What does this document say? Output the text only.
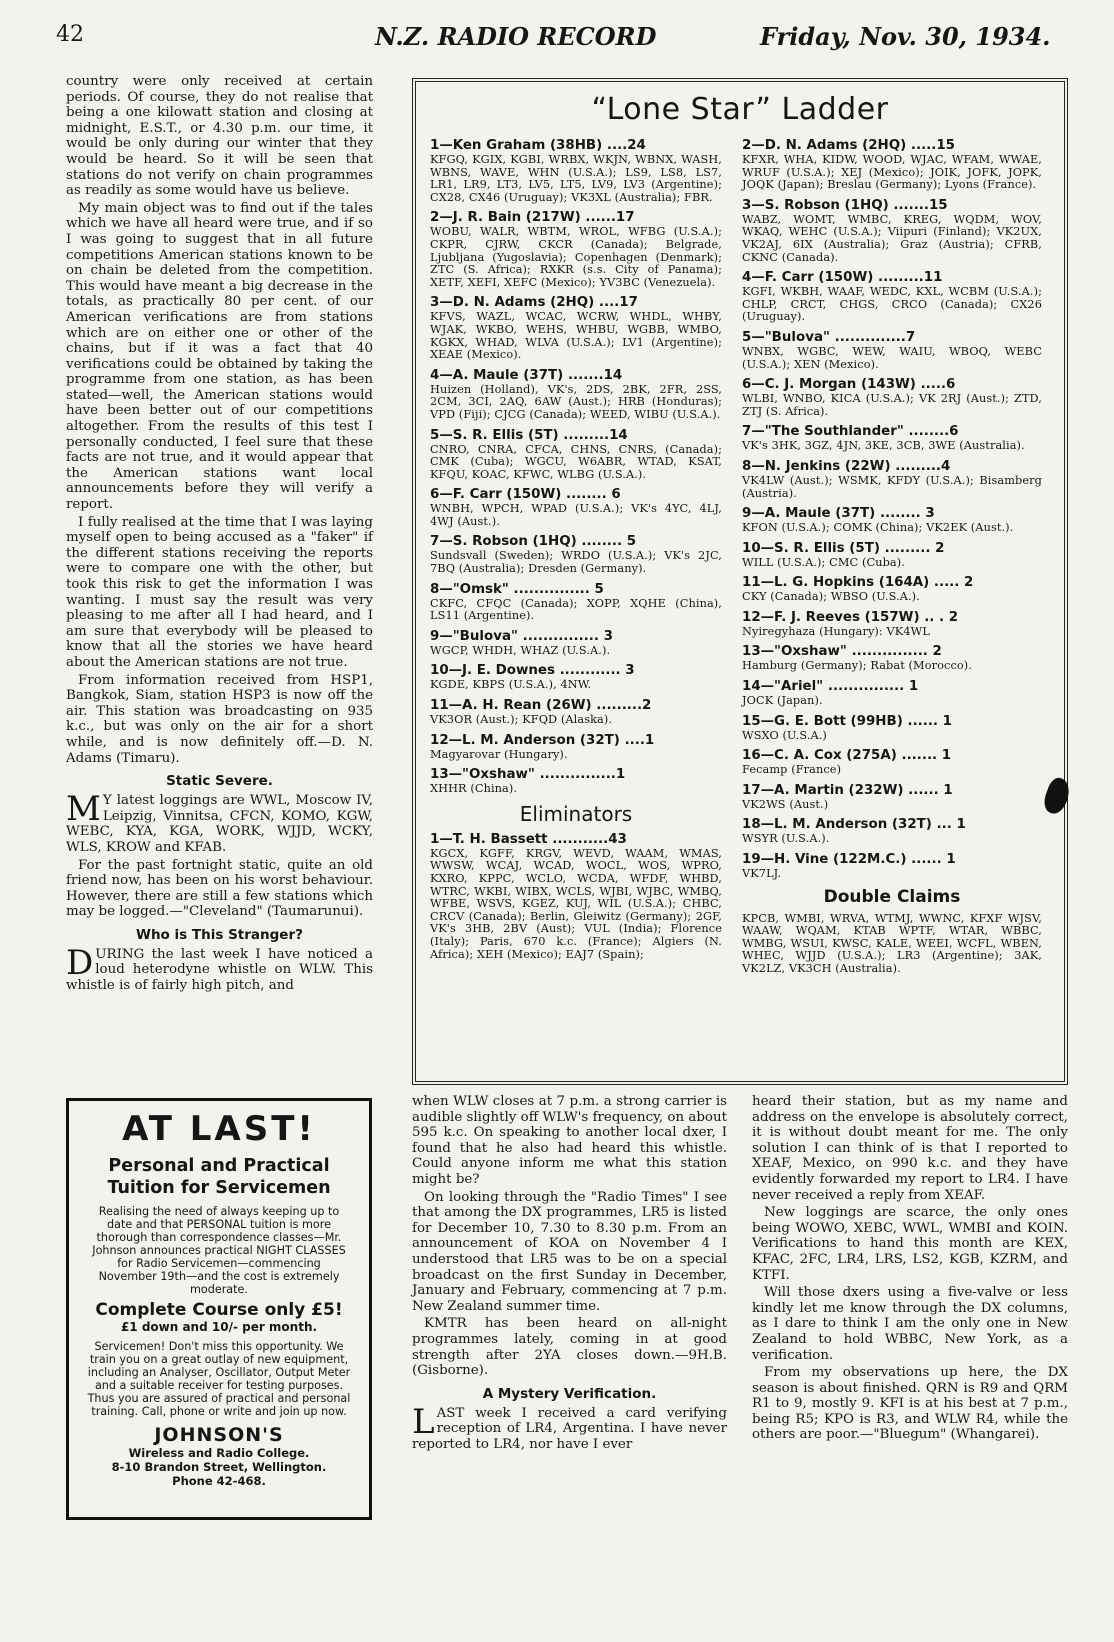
42	N.Z. RADIO RECORD	Friday, Nov. 30, 1934.

country were only received at certain periods. Of course, they do not realise that being a one kilowatt station and closing at midnight, E.S.T., or 4.30 p.m. our time, it would be only during our winter that they would be heard. So it will be seen that stations do not verify on chain programmes as readily as some would have us believe.

My main object was to find out if the tales which we have all heard were true, and if so I was going to suggest that in all future competitions American stations known to be on chain be deleted from the competition. This would have meant a big decrease in the totals, as practically 80 per cent. of our American verifications are from stations which are on either one or other of the chains, but if it was a fact that 40 verifications could be obtained by taking the programme from one station, as has been stated—well, the American stations would have been better out of our competitions altogether. From the results of this test I personally conducted, I feel sure that these facts are not true, and it would appear that the American stations want local announcements before they will verify a report.

I fully realised at the time that I was laying myself open to being accused as a "faker" if the different stations receiving the reports were to compare one with the other, but took this risk to get the information I was wanting. I must say the result was very pleasing to me after all I had heard, and I am sure that everybody will be pleased to know that all the stories we have heard about the American stations are not true.

From information received from HSP1, Bangkok, Siam, station HSP3 is now off the air. This station was broadcasting on 935 k.c., but was only on the air for a short while, and is now definitely off.—D. N. Adams (Timaru).

Static Severe.

M Y latest loggings are WWL, Moscow IV, Leipzig, Vinnitsa, CFCN, KOMO, KGW, WEBC, KYA, KGA, WORK, WJJD, WCKY, WLS, KROW and KFAB.

For the past fortnight static, quite an old friend now, has been on his worst behaviour. However, there are still a few stations which may be logged.—"Cleveland" (Taumarunui).

Who is This Stranger?

DURING the last week I have noticed a loud heterodyne whistle on WLW. This whistle is of fairly high pitch, and

“Lone Star” Ladder
1—Ken Graham (38HB) ....24
KFGQ, KGIX, KGBI, WRBX, WKJN, WBNX, WASH, WBNS, WAVE, WHN (U.S.A.); LS9, LS8, LS7, LR1, LR9, LT3, LV5, LT5, LV9, LV3 (Argentine); CX28, CX46 (Uruguay); VK3XL (Australia); FBR.
2—J. R. Bain (217W) ......17
WOBU, WALR, WBTM, WROL, WFBG (U.S.A.); CKPR, CJRW, CKCR (Canada); Belgrade, Ljubljana (Yugoslavia); Copenhagen (Denmark); ZTC (S. Africa); RXKR (s.s. City of Panama); XETF, XEFI, XEFC (Mexico); YV3BC (Venezuela).
3—D. N. Adams (2HQ) ....17
KFVS, WAZL, WCAC, WCRW, WHDL, WHBY, WJAK, WKBO, WEHS, WHBU, WGBB, WMBO, KGKX, WHAD, WLVA (U.S.A.); LV1 (Argentine); XEAE (Mexico).
4—A. Maule (37T) .......14
Huizen (Holland), VK's, 2DS, 2BK, 2FR, 2SS, 2CM, 3CI, 2AQ, 6AW (Aust.); HRB (Honduras); VPD (Fiji); CJCG (Canada); WEED, WIBU (U.S.A.).
5—S. R. Ellis (5T) .........14
CNRO, CNRA, CFCA, CHNS, CNRS, (Canada); CMK (Cuba); WGCU, W6ABR, WTAD, KSAT, KFQU, KOAC, KFWC, WLBG (U.S.A.).
6—F. Carr (150W) ........ 6
WNBH, WPCH, WPAD (U.S.A.); VK's 4YC, 4LJ, 4WJ (Aust.).
7—S. Robson (1HQ) ........ 5
Sundsvall (Sweden); WRDO (U.S.A.); VK's 2JC, 7BQ (Australia); Dresden (Germany).
8—"Omsk" ............... 5
CKFC, CFQC (Canada); XOPP, XQHE (China), LS11 (Argentine).
9—"Bulova" ............... 3
WGCP, WHDH, WHAZ (U.S.A.).
10—J. E. Downes ............ 3
KGDE, KBPS (U.S.A.), 4NW.
11—A. H. Rean (26W) .........2
VK3OR (Aust.); KFQD (Alaska).
12—L. M. Anderson (32T) ....1
Magyarovar (Hungary).
13—"Oxshaw" ...............1
XHHR (China).
Eliminators
1—T. H. Bassett ...........43
KGCX, KGFF, KRGV, WEVD, WAAM, WMAS, WWSW, WCAJ, WCAD, WOCL, WOS, WPRO, KXRO, KPPC, WCLO, WCDA, WFDF, WHBD, WTRC, WKBI, WIBX, WCLS, WJBI, WJBC, WMBQ, WFBE, WSVS, KGEZ, KUJ, WIL (U.S.A.); CHBC, CRCV (Canada); Berlin, Gleiwitz (Germany); 2GF, VK's 3HB, 2BV (Aust); VUL (India); Florence (Italy); Paris, 670 k.c. (France); Algiers (N. Africa); XEH (Mexico); EAJ7 (Spain);
2—D. N. Adams (2HQ) .....15
KFXR, WHA, KIDW, WOOD, WJAC, WFAM, WWAE, WRUF (U.S.A.); XEJ (Mexico); JOIK, JOFK, JOPK, JOQK (Japan); Breslau (Germany); Lyons (France).
3—S. Robson (1HQ) .......15
WABZ, WOMT, WMBC, KREG, WQDM, WOV, WKAQ, WEHC (U.S.A.); Viipuri (Finland); VK2UX, VK2AJ, 6IX (Australia); Graz (Austria); CFRB, CKNC (Canada).
4—F. Carr (150W) .........11
KGFI, WKBH, WAAF, WEDC, KXL, WCBM (U.S.A.); CHLP, CRCT, CHGS, CRCO (Canada); CX26 (Uruguay).
5—"Bulova" ..............7
WNBX, WGBC, WEW, WAIU, WBOQ, WEBC (U.S.A.); XEN (Mexico).
6—C. J. Morgan (143W) .....6
WLBI, WNBO, KICA (U.S.A.); VK 2RJ (Aust.); ZTD, ZTJ (S. Africa).
7—"The Southlander" ........6
VK's 3HK, 3GZ, 4JN, 3KE, 3CB, 3WE (Australia).
8—N. Jenkins (22W) .........4
VK4LW (Aust.); WSMK, KFDY (U.S.A.); Bisamberg (Austria).
9—A. Maule (37T) ........ 3
KFON (U.S.A.); COMK (China); VK2EK (Aust.).
10—S. R. Ellis (5T) ......... 2
WILL (U.S.A.); CMC (Cuba).
11—L. G. Hopkins (164A) ..... 2
CKY (Canada); WBSO (U.S.A.).
12—F. J. Reeves (157W) .. . 2
Nyiregyhaza (Hungary): VK4WL
13—"Oxshaw" ............... 2
Hamburg (Germany); Rabat (Morocco).
14—"Ariel" ............... 1
JOCK (Japan).
15—G. E. Bott (99HB) ...... 1
WSXO (U.S.A.)
16—C. A. Cox (275A) ....... 1
Fecamp (France)
17—A. Martin (232W) ...... 1
VK2WS (Aust.)
18—L. M. Anderson (32T) ... 1
WSYR (U.S.A.).
19—H. Vine (122M.C.) ...... 1
VK7LJ.
Double Claims
KPCB, WMBI, WRVA, WTMJ, WWNC, KFXF WJSV, WAAW, WQAM, KTAB WPTF, WTAR, WBBC, WMBG, WSUI, KWSC, KALE, WEEI, WCFL, WBEN, WHEC, WJJD (U.S.A.); LR3 (Argentine); 3AK, VK2LZ, VK3CH (Australia).
AT LAST!
Personal and Practical
Tuition for Servicemen
Realising the need of always keeping up to date and that PERSONAL tuition is more thorough than correspondence classes—Mr. Johnson announces practical NIGHT CLASSES for Radio Servicemen—commencing November 19th—and the cost is extremely moderate.
Complete Course only £5!
£1 down and 10/- per month.
Servicemen! Don't miss this opportunity. We train you on a great outlay of new equipment, including an Analyser, Oscillator, Output Meter and a suitable receiver for testing purposes. Thus you are assured of practical and personal training. Call, phone or write and join up now.
JOHNSON'S
Wireless and Radio College.
8-10 Brandon Street, Wellington.
Phone 42-468.

when WLW closes at 7 p.m. a strong carrier is audible slightly off WLW's frequency, on about 595 k.c. On speaking to another local dxer, I found that he also had heard this whistle. Could anyone inform me what this station might be?

On looking through the "Radio Times" I see that among the DX programmes, LR5 is listed for December 10, 7.30 to 8.30 p.m. From an announcement of KOA on November 4 I understood that LR5 was to be on a special broadcast on the first Sunday in December, January and February, commencing at 7 p.m. New Zealand summer time.

KMTR has been heard on all-night programmes lately, coming in at good strength after 2YA closes down.—9H.B. (Gisborne).

A Mystery Verification.

LAST week I received a card verifying reception of LR4, Argentina. I have never reported to LR4, nor have I ever

heard their station, but as my name and address on the envelope is absolutely correct, it is without doubt meant for me. The only solution I can think of is that I reported to XEAF, Mexico, on 990 k.c. and they have evidently forwarded my report to LR4. I have never received a reply from XEAF.

New loggings are scarce, the only ones being WOWO, XEBC, WWL, WMBI and KOIN. Verifications to hand this month are KEX, KFAC, 2FC, LR4, LRS, LS2, KGB, KZRM, and KTFI.

Will those dxers using a five-valve or less kindly let me know through the DX columns, as I dare to think I am the only one in New Zealand to hold WBBC, New York, as a verification.

From my observations up here, the DX season is about finished. QRN is R9 and QRM R1 to 9, mostly 9. KFI is at his best at 7 p.m., being R5; KPO is R3, and WLW R4, while the others are poor.—"Bluegum" (Whangarei).
